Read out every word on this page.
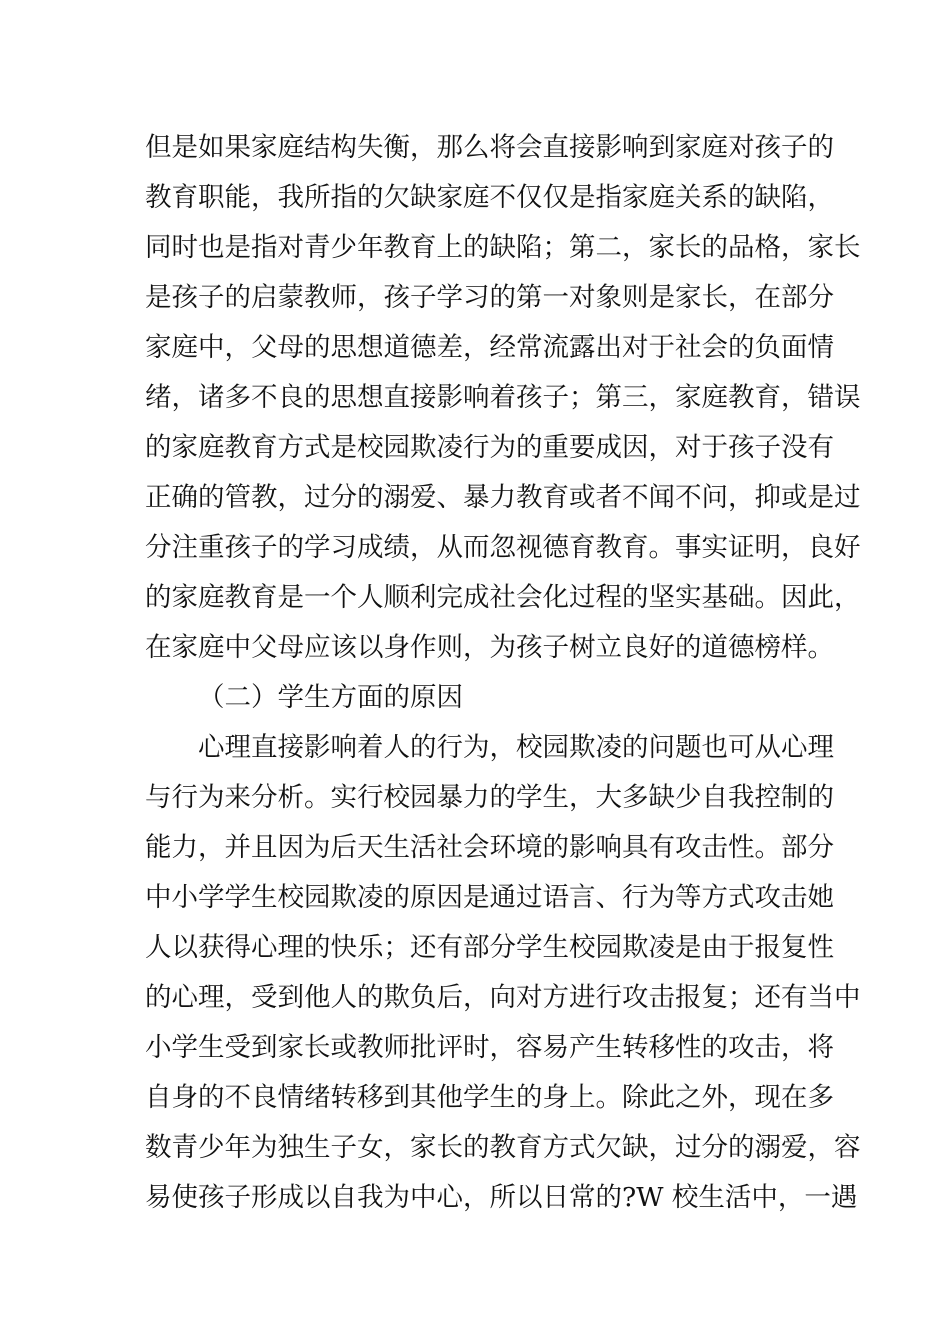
但是如果家庭结构失衡，那么将会直接影响到家庭对孩子的
教育职能，我所指的欠缺家庭不仅仅是指家庭关系的缺陷，
同时也是指对青少年教育上的缺陷；第二，家长的品格，家长
是孩子的启蒙教师，孩子学习的第一对象则是家长，在部分
家庭中，父母的思想道德差，经常流露出对于社会的负面情
绪，诸多不良的思想直接影响着孩子；第三，家庭教育，错误
的家庭教育方式是校园欺凌行为的重要成因，对于孩子没有
正确的管教，过分的溺爱、暴力教育或者不闻不问，抑或是过
分注重孩子的学习成绩，从而忽视德育教育。事实证明，良好
的家庭教育是一个人顺利完成社会化过程的坚实基础。因此，
在家庭中父母应该以身作则，为孩子树立良好的道德榜样。
（二）学生方面的原因
心理直接影响着人的行为，校园欺凌的问题也可从心理
与行为来分析。实行校园暴力的学生，大多缺少自我控制的
能力，并且因为后天生活社会环境的影响具有攻击性。部分
中小学学生校园欺凌的原因是通过语言、行为等方式攻击她
人以获得心理的快乐；还有部分学生校园欺凌是由于报复性
的心理，受到他人的欺负后，向对方进行攻击报复；还有当中
小学生受到家长或教师批评时，容易产生转移性的攻击，将
自身的不良情绪转移到其他学生的身上。除此之外，现在多
数青少年为独生子女，家长的教育方式欠缺，过分的溺爱，容
易使孩子形成以自我为中心，所以日常的?W 校生活中，一遇
